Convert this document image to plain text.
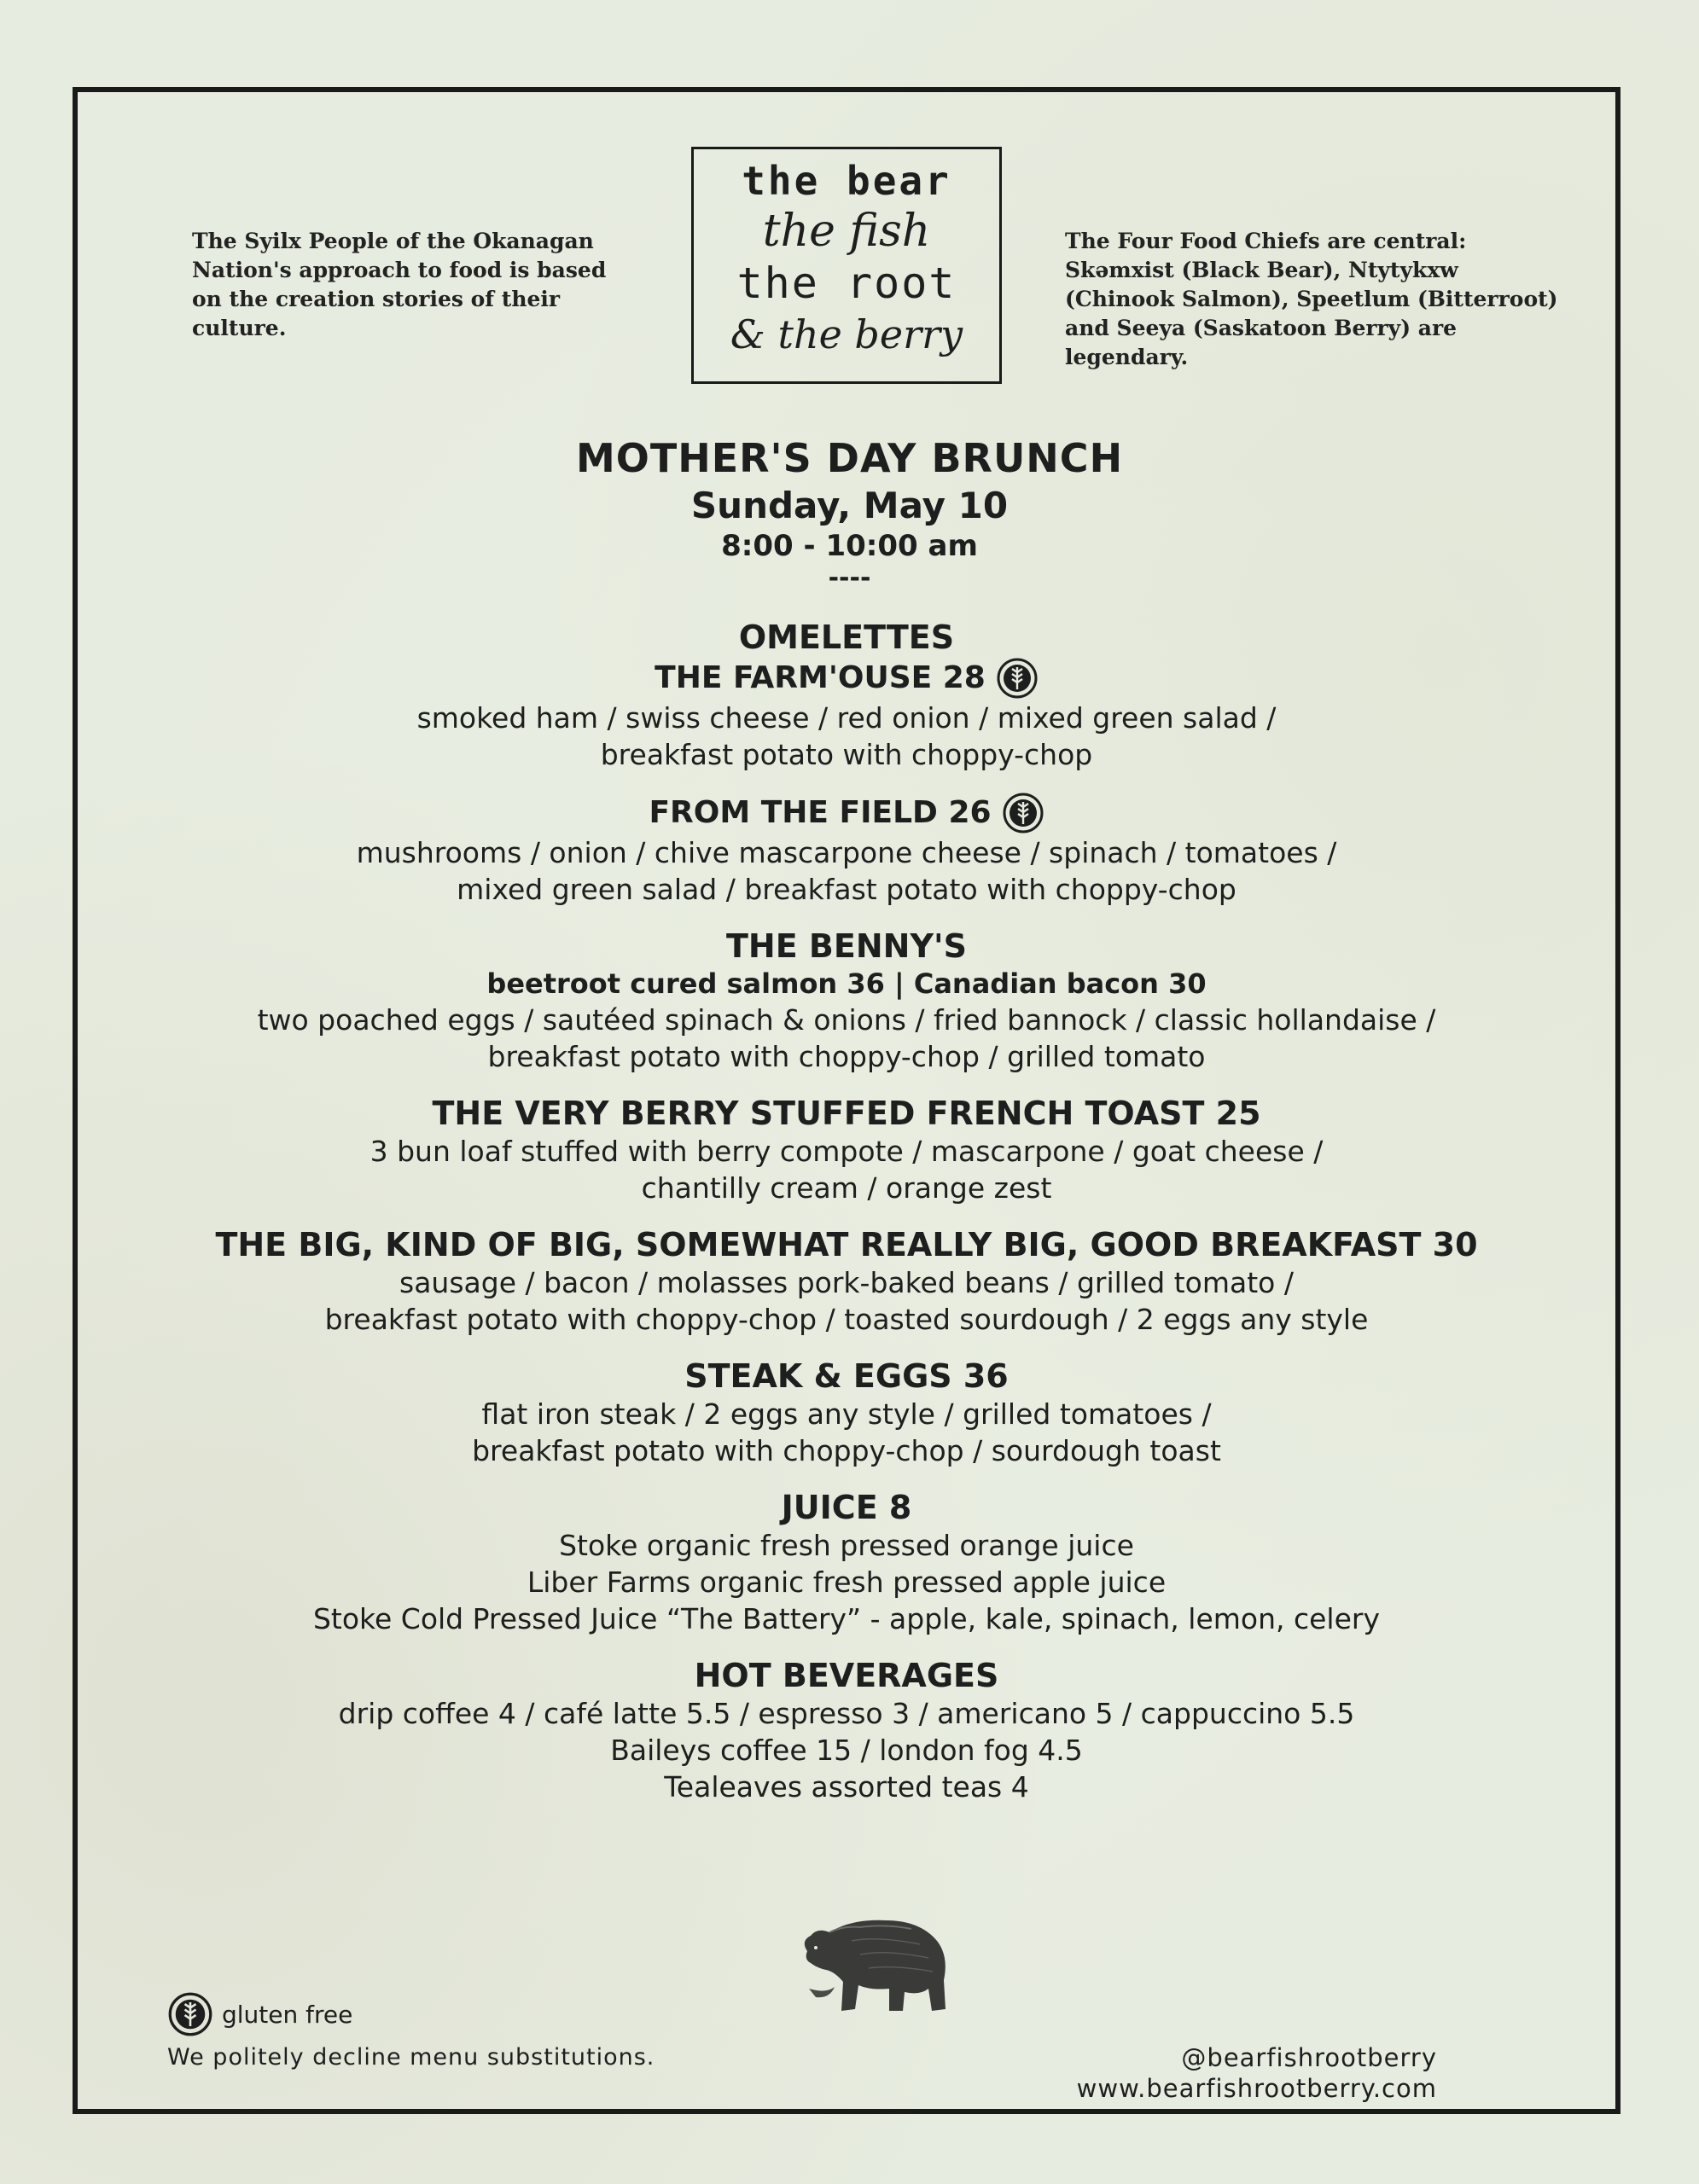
the bear
the fish
the root
& the berry
The Syilx People of the Okanagan Nation's approach to food is based on the creation stories of their culture.
The Four Food Chiefs are central: Skəmxist (Black Bear), Ntytykxw (Chinook Salmon), Speetlum (Bitterroot) and Seeya (Saskatoon Berry) are legendary.
MOTHER'S DAY BRUNCH
Sunday, May 10
8:00 - 10:00 am
----
OMELETTES
THE FARM'OUSE 28
smoked ham / swiss cheese / red onion / mixed green salad /
breakfast potato with choppy-chop
FROM THE FIELD 26
mushrooms / onion / chive mascarpone cheese / spinach / tomatoes /
mixed green salad / breakfast potato with choppy-chop
THE BENNY'S
beetroot cured salmon 36 | Canadian bacon 30
two poached eggs / sautéed spinach & onions / fried bannock / classic hollandaise /
breakfast potato with choppy-chop / grilled tomato
THE VERY BERRY STUFFED FRENCH TOAST 25
3 bun loaf stuffed with berry compote / mascarpone / goat cheese /
chantilly cream / orange zest
THE BIG, KIND OF BIG, SOMEWHAT REALLY BIG, GOOD BREAKFAST 30
sausage / bacon / molasses pork-baked beans / grilled tomato /
breakfast potato with choppy-chop / toasted sourdough / 2 eggs any style
STEAK & EGGS 36
flat iron steak / 2 eggs any style / grilled tomatoes /
breakfast potato with choppy-chop / sourdough toast
JUICE 8
Stoke organic fresh pressed orange juice
Liber Farms organic fresh pressed apple juice
Stoke Cold Pressed Juice “The Battery” - apple, kale, spinach, lemon, celery
HOT BEVERAGES
drip coffee 4 / café latte 5.5 / espresso 3 / americano 5 / cappuccino 5.5
Baileys coffee 15 / london fog 4.5
Tealeaves assorted teas 4
gluten free
We politely decline menu substitutions.	@bearfishrootberry
www.bearfishrootberry.com
